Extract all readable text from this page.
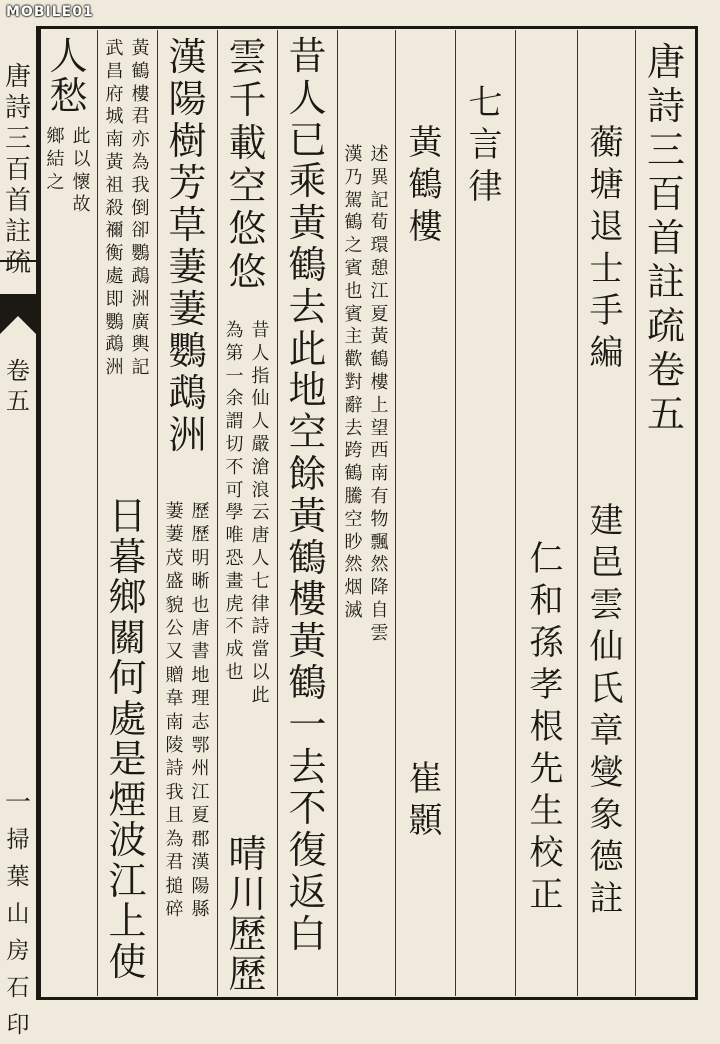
MOBILE01
唐詩三百首註疏
卷五
一
掃葉山房石印
唐詩三百首註疏卷五
蘅塘退士手編
建邑雲仙氏章　燮象德註
仁和孫孝根先生校正
七言律
黃鶴樓
崔　顥
述異記荀環憩江夏黃鶴樓上望西南有物飄然降自雲
漢乃駕鶴之賓也賓主歡對辭去跨鶴騰空眇然烟滅
昔人已乘黃鶴去此地空餘黃鶴樓黃鶴一去不復返白
雲千載空悠悠
昔人指仙人嚴滄浪云唐人七律詩當以此
為第一余謂切不可學唯恐畫虎不成也
晴川歷歷
漢陽樹芳草萋萋鸚鵡洲
歷歷明晰也唐書地理志鄂州江夏郡漢陽縣
萋萋茂盛貌公又贈韋南陵詩我且為君搥碎
黃鶴樓君亦為我倒卻鸚鵡洲廣輿記
武昌府城南黃祖殺禰衡處即鸚鵡洲
日暮鄉關何處是煙波江上使
人愁
此以懷故
鄉結之
